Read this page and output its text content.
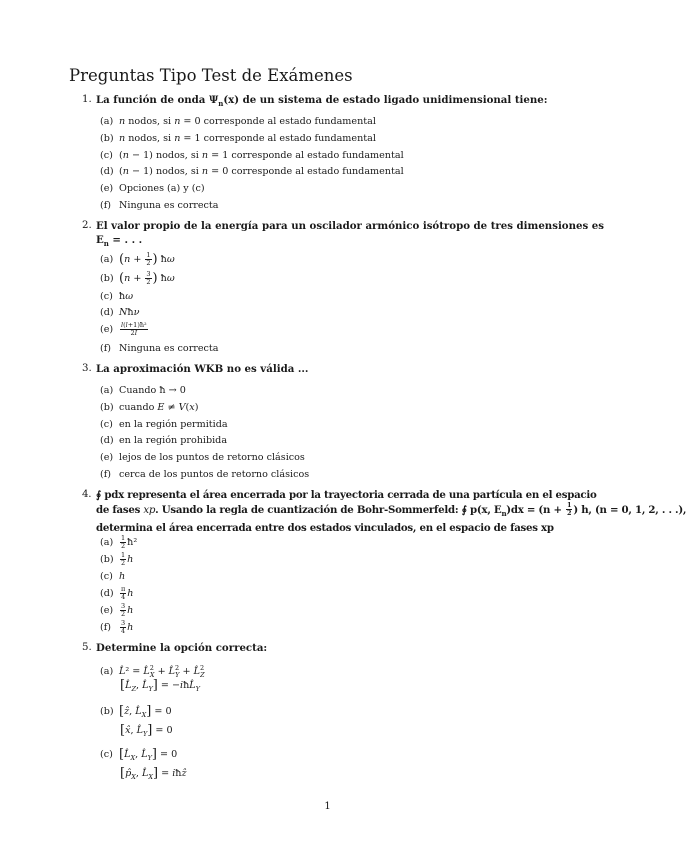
Preguntas Tipo Test de Exámenes
1. La función de onda $\Psi_n(x)$ de un sistema de estado ligado unidimensional tiene:
(a) n nodos, si n = 0 corresponde al estado fundamental
(b) n nodos, si n = 1 corresponde al estado fundamental
(c) (n − 1) nodos, si n = 1 corresponde al estado fundamental
(d) (n − 1) nodos, si n = 0 corresponde al estado fundamental
(e) Opciones (a) y (c)
(f) Ninguna es correcta
2. El valor propio de la energía para un oscilador armónico isótropo de tres dimensiones es
$E_n$ = . . .
(a) ($n + \frac{1}{2}$ ) ħω
(b) ($n + \frac{3}{2}$ ) ħω
(c) ħω
(d) Nħν
$(e) \frac{\text{l(l+1)ħ²}}{2I}$
(f) Ninguna es correcta
3. La aproximación WKB no es válida ...
(a) Cuando ħ → 0
(b) cuando E ≠ V(x)
(c) en la región permitida
(d) en la región prohibida
(e) lejos de los puntos de retorno clásicos
(f) cerca de los puntos de retorno clásicos
4. ∮ pdx representa el área encerrada por la trayectoria cerrada de una partícula en el espacio
de fases xp. Usando la regla de cuantización de Bohr-Sommerfeld: ∮ p(x, $E_n)dx = (n + \frac{1}{2}$ ) h, (n = 0, 1, 2, . . .),
determina el área encerrada entre dos estados vinculados, en el espacio de fases xp
$(a) \frac{1}{2}$ ħ²
$(b) \frac{1}{2}$ h
(c) h
$(d) \frac{\pi}{4}$ h
$(e) \frac{3}{2}$ h
$(f) \frac{3}{4}$ h
5. Determine la opción correcta:
(a) L̂² = L̂$^2_X$ + L̂$^2_Y$ + L̂$^2_Z$
[$L̂_Z$, $L̂_Y$] = $-iħL̂_Y$
(b) [ẑ, $L̂_X] = 0$
[x̂, $L̂_Y] = 0$
(c) [$L̂_X$, $L̂_Y] = 0$
[$p̂_X$, $L̂_X$] = iħẑ
1
